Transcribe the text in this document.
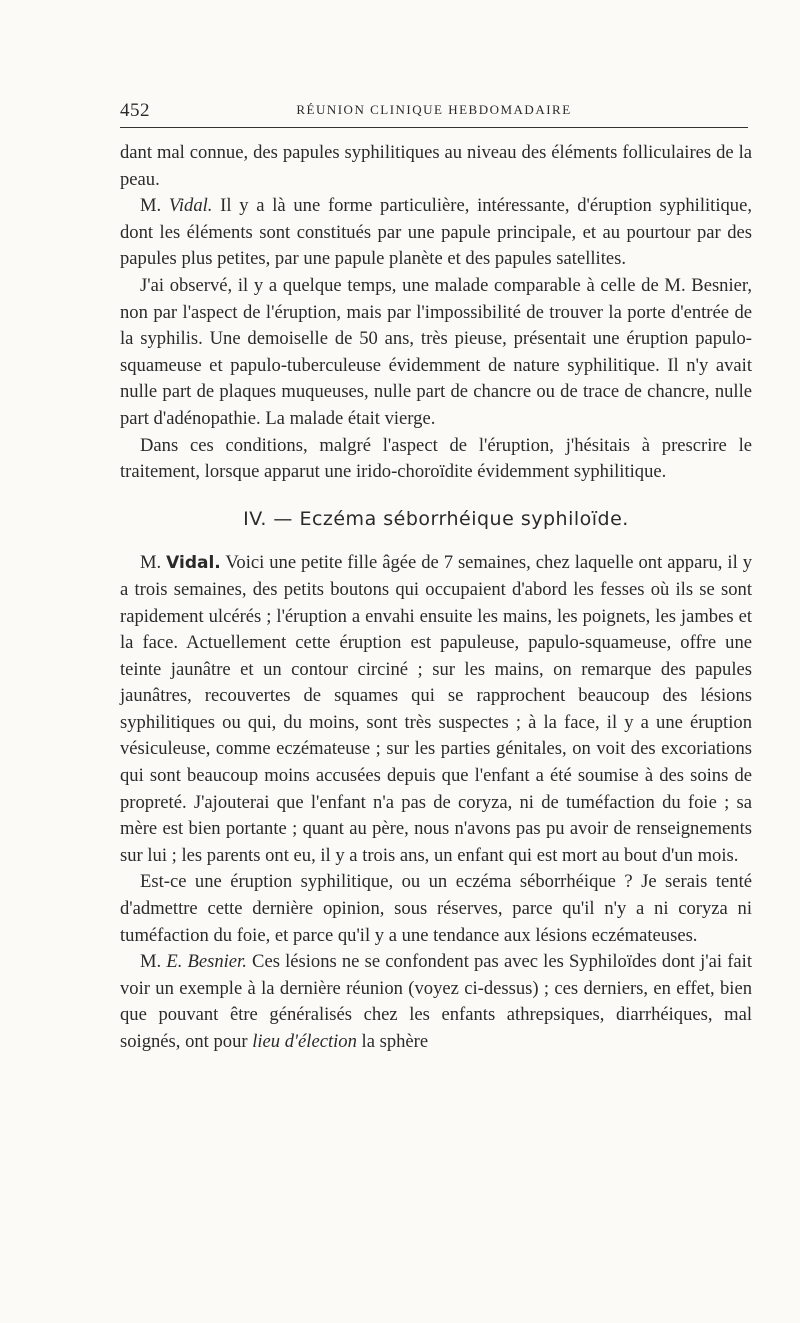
452	RÉUNION CLINIQUE HEBDOMADAIRE

dant mal connue, des papules syphilitiques au niveau des éléments folliculaires de la peau.

M. Vidal. Il y a là une forme particulière, intéressante, d'éruption syphilitique, dont les éléments sont constitués par une papule principale, et au pourtour par des papules plus petites, par une papule planète et des papules satellites.

J'ai observé, il y a quelque temps, une malade comparable à celle de M. Besnier, non par l'aspect de l'éruption, mais par l'impossibilité de trouver la porte d'entrée de la syphilis. Une demoiselle de 50 ans, très pieuse, présentait une éruption papulo-squameuse et papulo-tuberculeuse évidemment de nature syphilitique. Il n'y avait nulle part de plaques muqueuses, nulle part de chancre ou de trace de chancre, nulle part d'adénopathie. La malade était vierge.

Dans ces conditions, malgré l'aspect de l'éruption, j'hésitais à prescrire le traitement, lorsque apparut une irido-choroïdite évidemment syphilitique.

IV. — Eczéma séborrhéique syphiloïde.

M. Vidal. Voici une petite fille âgée de 7 semaines, chez laquelle ont apparu, il y a trois semaines, des petits boutons qui occupaient d'abord les fesses où ils se sont rapidement ulcérés ; l'éruption a envahi ensuite les mains, les poignets, les jambes et la face. Actuellement cette éruption est papuleuse, papulo-squameuse, offre une teinte jaunâtre et un contour circiné ; sur les mains, on remarque des papules jaunâtres, recouvertes de squames qui se rapprochent beaucoup des lésions syphilitiques ou qui, du moins, sont très suspectes ; à la face, il y a une éruption vésiculeuse, comme eczémateuse ; sur les parties génitales, on voit des excoriations qui sont beaucoup moins accusées depuis que l'enfant a été soumise à des soins de propreté. J'ajouterai que l'enfant n'a pas de coryza, ni de tuméfaction du foie ; sa mère est bien portante ; quant au père, nous n'avons pas pu avoir de renseignements sur lui ; les parents ont eu, il y a trois ans, un enfant qui est mort au bout d'un mois.

Est-ce une éruption syphilitique, ou un eczéma séborrhéique ? Je serais tenté d'admettre cette dernière opinion, sous réserves, parce qu'il n'y a ni coryza ni tuméfaction du foie, et parce qu'il y a une tendance aux lésions eczémateuses.

M. E. Besnier. Ces lésions ne se confondent pas avec les Syphiloïdes dont j'ai fait voir un exemple à la dernière réunion (voyez ci-dessus) ; ces derniers, en effet, bien que pouvant être généralisés chez les enfants athrepsiques, diarrhéiques, mal soignés, ont pour lieu d'élection la sphère
